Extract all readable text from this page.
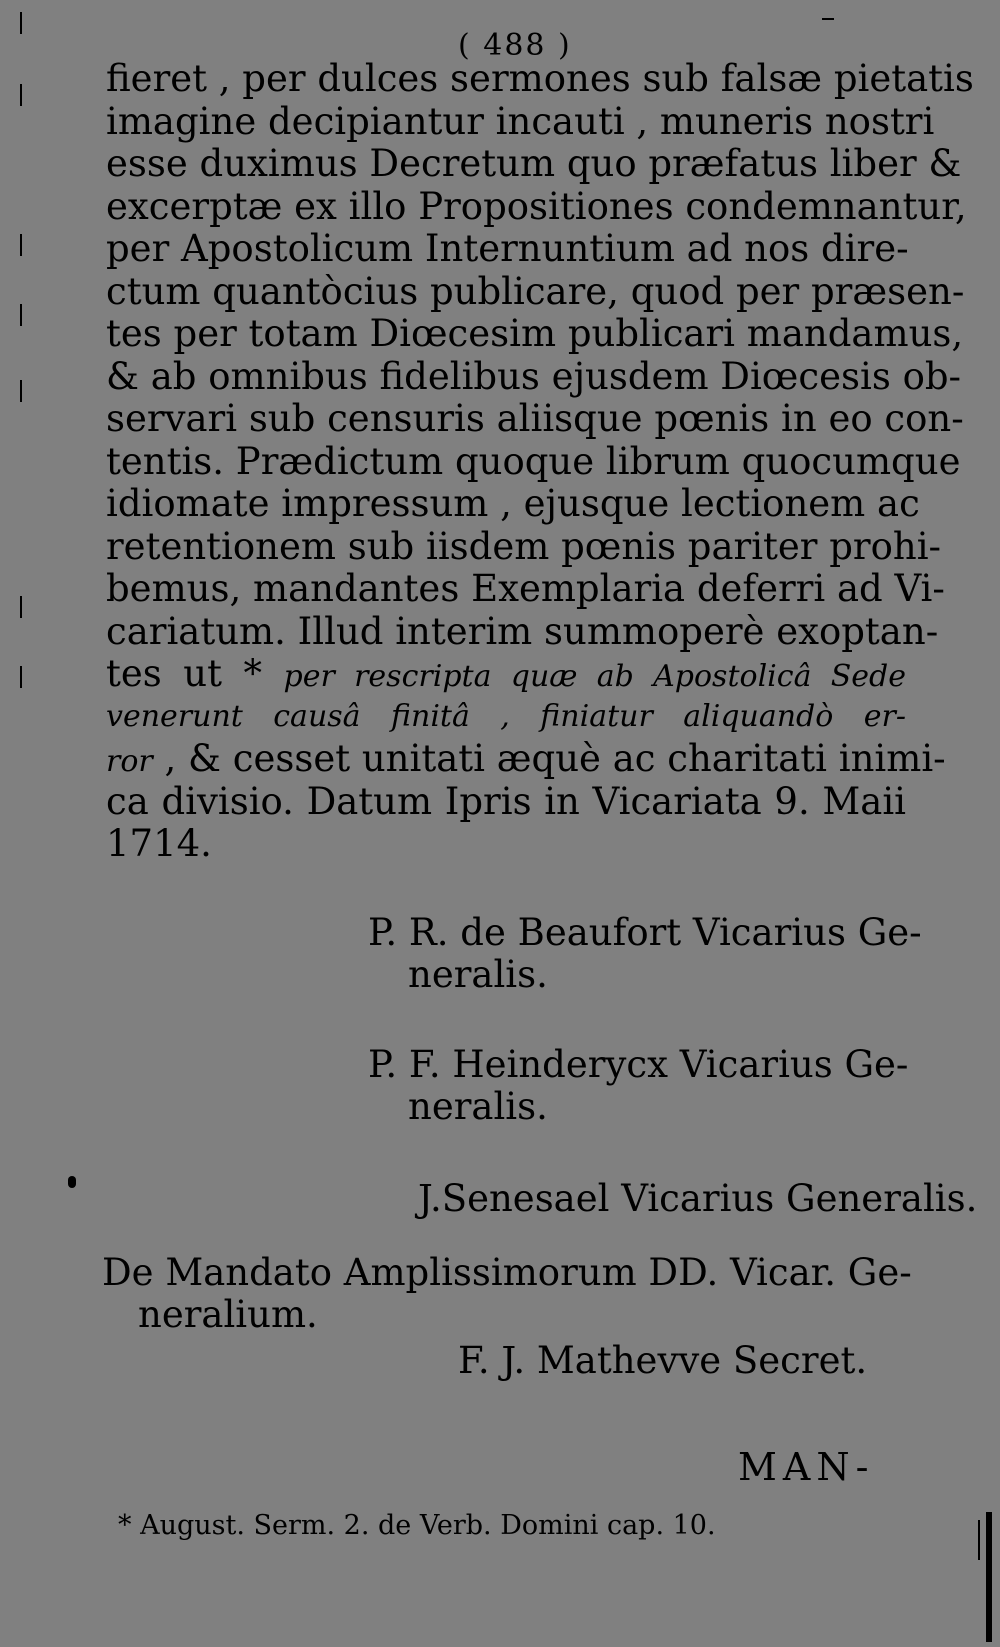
( 488 )
fieret , per dulces sermones sub falsæ pietatis
imagine decipiantur incauti , muneris nostri
esse duximus Decretum quo præfatus liber &
excerptæ ex illo Propositiones condemnantur,
per Apostolicum Internuntium ad nos dire-
ctum quantòcius publicare, quod per præsen-
tes per totam Diœcesim publicari mandamus,
& ab omnibus fidelibus ejusdem Diœcesis ob-
servari sub censuris aliisque pœnis in eo con-
tentis. Prædictum quoque librum quocumque
idiomate impressum , ejusque lectionem ac
retentionem sub iisdem pœnis pariter prohi-
bemus, mandantes Exemplaria deferri ad Vi-
cariatum. Illud interim summoperè exoptan-
tes ut * per rescripta quæ ab Apostolicâ Sede
venerunt causâ finitâ , finiatur aliquandò er-
ror , & cesset unitati æquè ac charitati inimi-
ca divisio. Datum Ipris in Vicariata 9. Maii
1714.
P. R. de Beaufort Vicarius Ge-
neralis.
P. F. Heinderycx Vicarius Ge-
neralis.
J.Senesael Vicarius Generalis.
De Mandato Amplissimorum DD. Vicar. Ge-
neralium.
F. J. Mathevve Secret.
MAN-
* August. Serm. 2. de Verb. Domini cap. 10.
